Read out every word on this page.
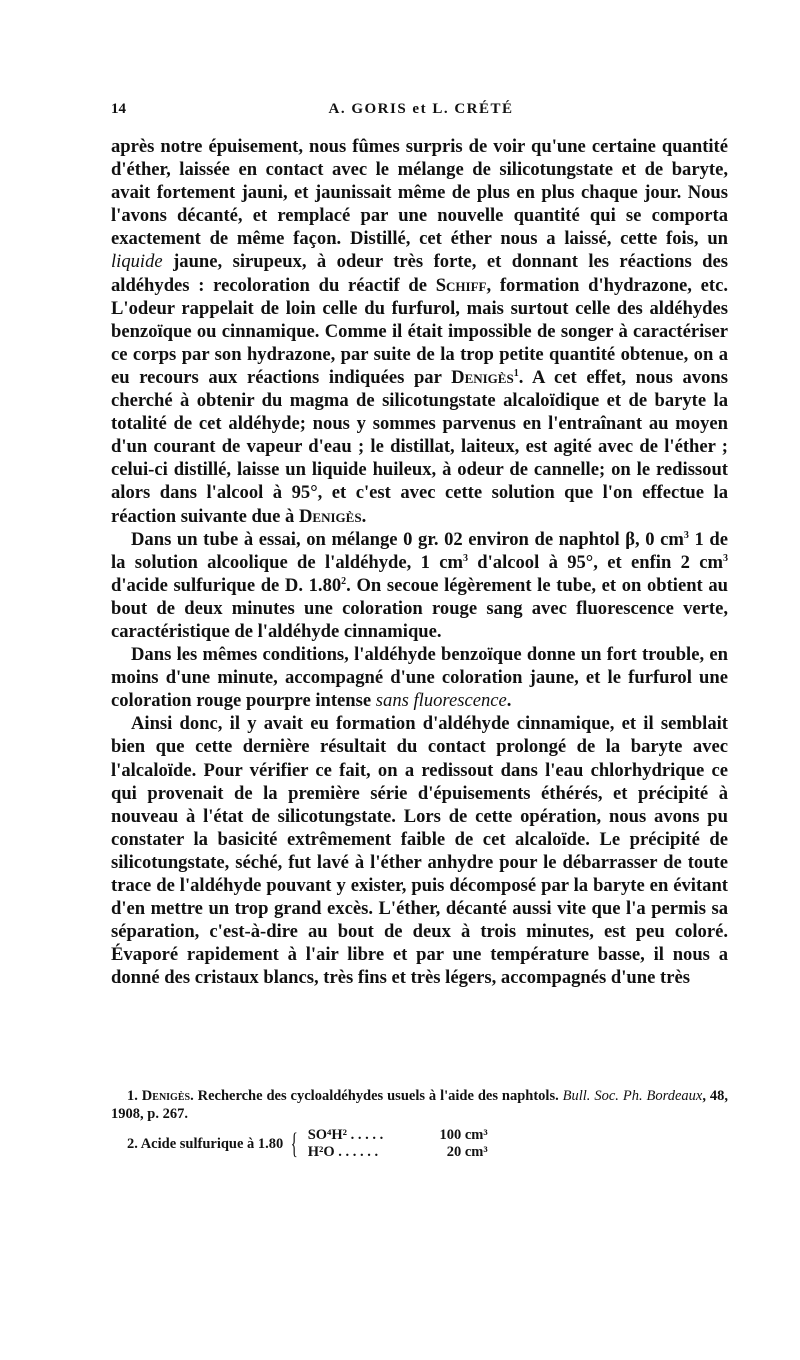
14	A. GORIS et L. CRÉTÉ

après notre épuisement, nous fûmes surpris de voir qu'une certaine quantité d'éther, laissée en contact avec le mélange de silicotungstate et de baryte, avait fortement jauni, et jaunissait même de plus en plus chaque jour. Nous l'avons décanté, et remplacé par une nouvelle quantité qui se comporta exactement de même façon. Distillé, cet éther nous a laissé, cette fois, un liquide jaune, sirupeux, à odeur très forte, et donnant les réactions des aldéhydes : recoloration du réactif de Schiff, formation d'hydrazone, etc. L'odeur rappelait de loin celle du furfurol, mais surtout celle des aldéhydes benzoïque ou cinnamique. Comme il était impossible de songer à caractériser ce corps par son hydrazone, par suite de la trop petite quantité obtenue, on a eu recours aux réactions indiquées par Denigès$^1$. A cet effet, nous avons cherché à obtenir du magma de silicotungstate alcaloïdique et de baryte la totalité de cet aldéhyde; nous y sommes parvenus en l'entraînant au moyen d'un courant de vapeur d'eau ; le distillat, laiteux, est agité avec de l'éther ; celui-ci distillé, laisse un liquide huileux, à odeur de cannelle; on le redissout alors dans l'alcool à 95°, et c'est avec cette solution que l'on effectue la réaction suivante due à Denigès.

Dans un tube à essai, on mélange 0 gr. 02 environ de naphtol β, 0 $cm^3$ 1 de la solution alcoolique de l'aldéhyde, 1 $cm^3$ d'alcool à 95°, et enfin 2 $cm^3$ d'acide sulfurique de D. 1.80$^2$. On secoue légèrement le tube, et on obtient au bout de deux minutes une coloration rouge sang avec fluorescence verte, caractéristique de l'aldéhyde cinnamique.

Dans les mêmes conditions, l'aldéhyde benzoïque donne un fort trouble, en moins d'une minute, accompagné d'une coloration jaune, et le furfurol une coloration rouge pourpre intense sans fluorescence.

Ainsi donc, il y avait eu formation d'aldéhyde cinnamique, et il semblait bien que cette dernière résultait du contact prolongé de la baryte avec l'alcaloïde. Pour vérifier ce fait, on a redissout dans l'eau chlorhydrique ce qui provenait de la première série d'épuisements éthérés, et précipité à nouveau à l'état de silicotungstate. Lors de cette opération, nous avons pu constater la basicité extrêmement faible de cet alcaloïde. Le précipité de silicotungstate, séché, fut lavé à l'éther anhydre pour le débarrasser de toute trace de l'aldéhyde pouvant y exister, puis décomposé par la baryte en évitant d'en mettre un trop grand excès. L'éther, décanté aussi vite que l'a permis sa séparation, c'est-à-dire au bout de deux à trois minutes, est peu coloré. Évaporé rapidement à l'air libre et par une température basse, il nous a donné des cristaux blancs, très fins et très légers, accompagnés d'une très

1. Denigès. Recherche des cycloaldéhydes usuels à l'aide des naphtols. Bull. Soc. Ph. Bordeaux, 48, 1908, p. 267.

2. Acide sulfurique à 1.80 { SO⁴H² . . . . .	100 cm³
H²O . . . . . .	20 cm³
